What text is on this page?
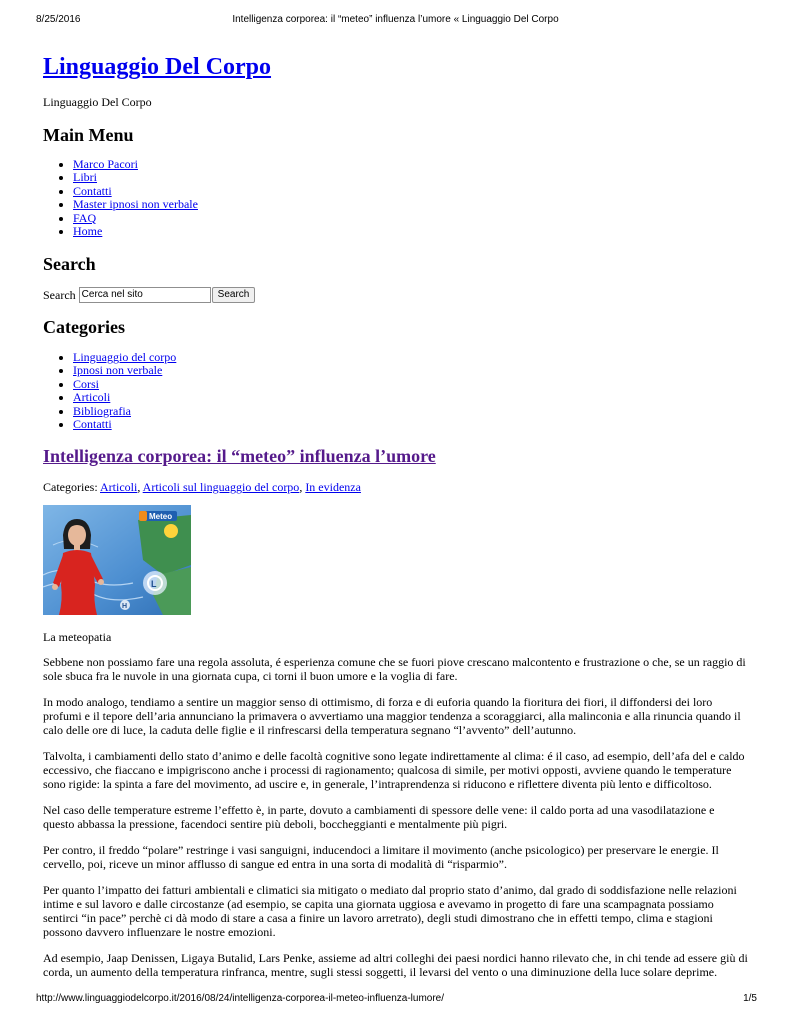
8/25/2016	Intelligenza corporea: il “meteo” influenza l’umore « Linguaggio Del Corpo
Linguaggio Del Corpo
Linguaggio Del Corpo
Main Menu
• Marco Pacori
• Libri
• Contatti
• Master ipnosi non verbale
• FAQ
• Home
Search
Search
Cerca nel sito	Search
Categories
• Linguaggio del corpo
• Ipnosi non verbale
• Corsi
• Articoli
• Bibliografia
• Contatti
Intelligenza corporea: il “meteo” influenza l’umore
Categories: Articoli, Articoli sul linguaggio del corpo, In evidenza
L
H
Meteo
La meteopatia

Sebbene non possiamo fare una regola assoluta, é esperienza comune che se fuori piove crescano malcontento e frustrazione o che, se un raggio di sole sbuca fra le nuvole in una giornata cupa, ci torni il buon umore e la voglia di fare.

In modo analogo, tendiamo a sentire un maggior senso di ottimismo, di forza e di euforia quando la fioritura dei fiori, il diffondersi dei loro profumi e il tepore dell’aria annunciano la primavera o avvertiamo una maggior tendenza a scoraggiarci, alla malinconia e alla rinuncia quando il calo delle ore di luce, la caduta delle figlie e il rinfrescarsi della temperatura segnano “l’avvento” dell’autunno.

Talvolta, i cambiamenti dello stato d’animo e delle facoltà cognitive sono legate indirettamente al clima: é il caso, ad esempio, dell’afa del e caldo eccessivo, che fiaccano e impigriscono anche i processi di ragionamento; qualcosa di simile, per motivi opposti, avviene quando le temperature sono rigide: la spinta a fare del movimento, ad uscire e, in generale, l’intraprendenza si riducono e riflettere diventa più lento e difficoltoso.

Nel caso delle temperature estreme l’effetto è, in parte, dovuto a cambiamenti di spessore delle vene: il caldo porta ad una vasodilatazione e questo abbassa la pressione, facendoci sentire più deboli, boccheggianti e mentalmente più pigri.

Per contro, il freddo “polare” restringe i vasi sanguigni, inducendoci a limitare il movimento (anche psicologico) per preservare le energie. Il cervello, poi, riceve un minor afflusso di sangue ed entra in una sorta di modalità di “risparmio”.

Per quanto l’impatto dei fatturi ambientali e climatici sia mitigato o mediato dal proprio stato d’animo, dal grado di soddisfazione nelle relazioni intime e sul lavoro e dalle circostanze (ad esempio, se capita una giornata uggiosa e avevamo in progetto di fare una scampagnata possiamo sentirci “in pace” perchè ci dà modo di stare a casa a finire un lavoro arretrato), degli studi dimostrano che in effetti tempo, clima e stagioni possono davvero influenzare le nostre emozioni.

Ad esempio, Jaap Denissen, Ligaya Butalid, Lars Penke, assieme ad altri colleghi dei paesi nordici hanno rilevato che, in chi tende ad essere giù di corda, un aumento della temperatura rinfranca, mentre, sugli stessi soggetti, il levarsi del vento o una diminuzione della luce solare deprime.

http://www.linguaggiodelcorpo.it/2016/08/24/intelligenza-corporea-il-meteo-influenza-lumore/	1/5
